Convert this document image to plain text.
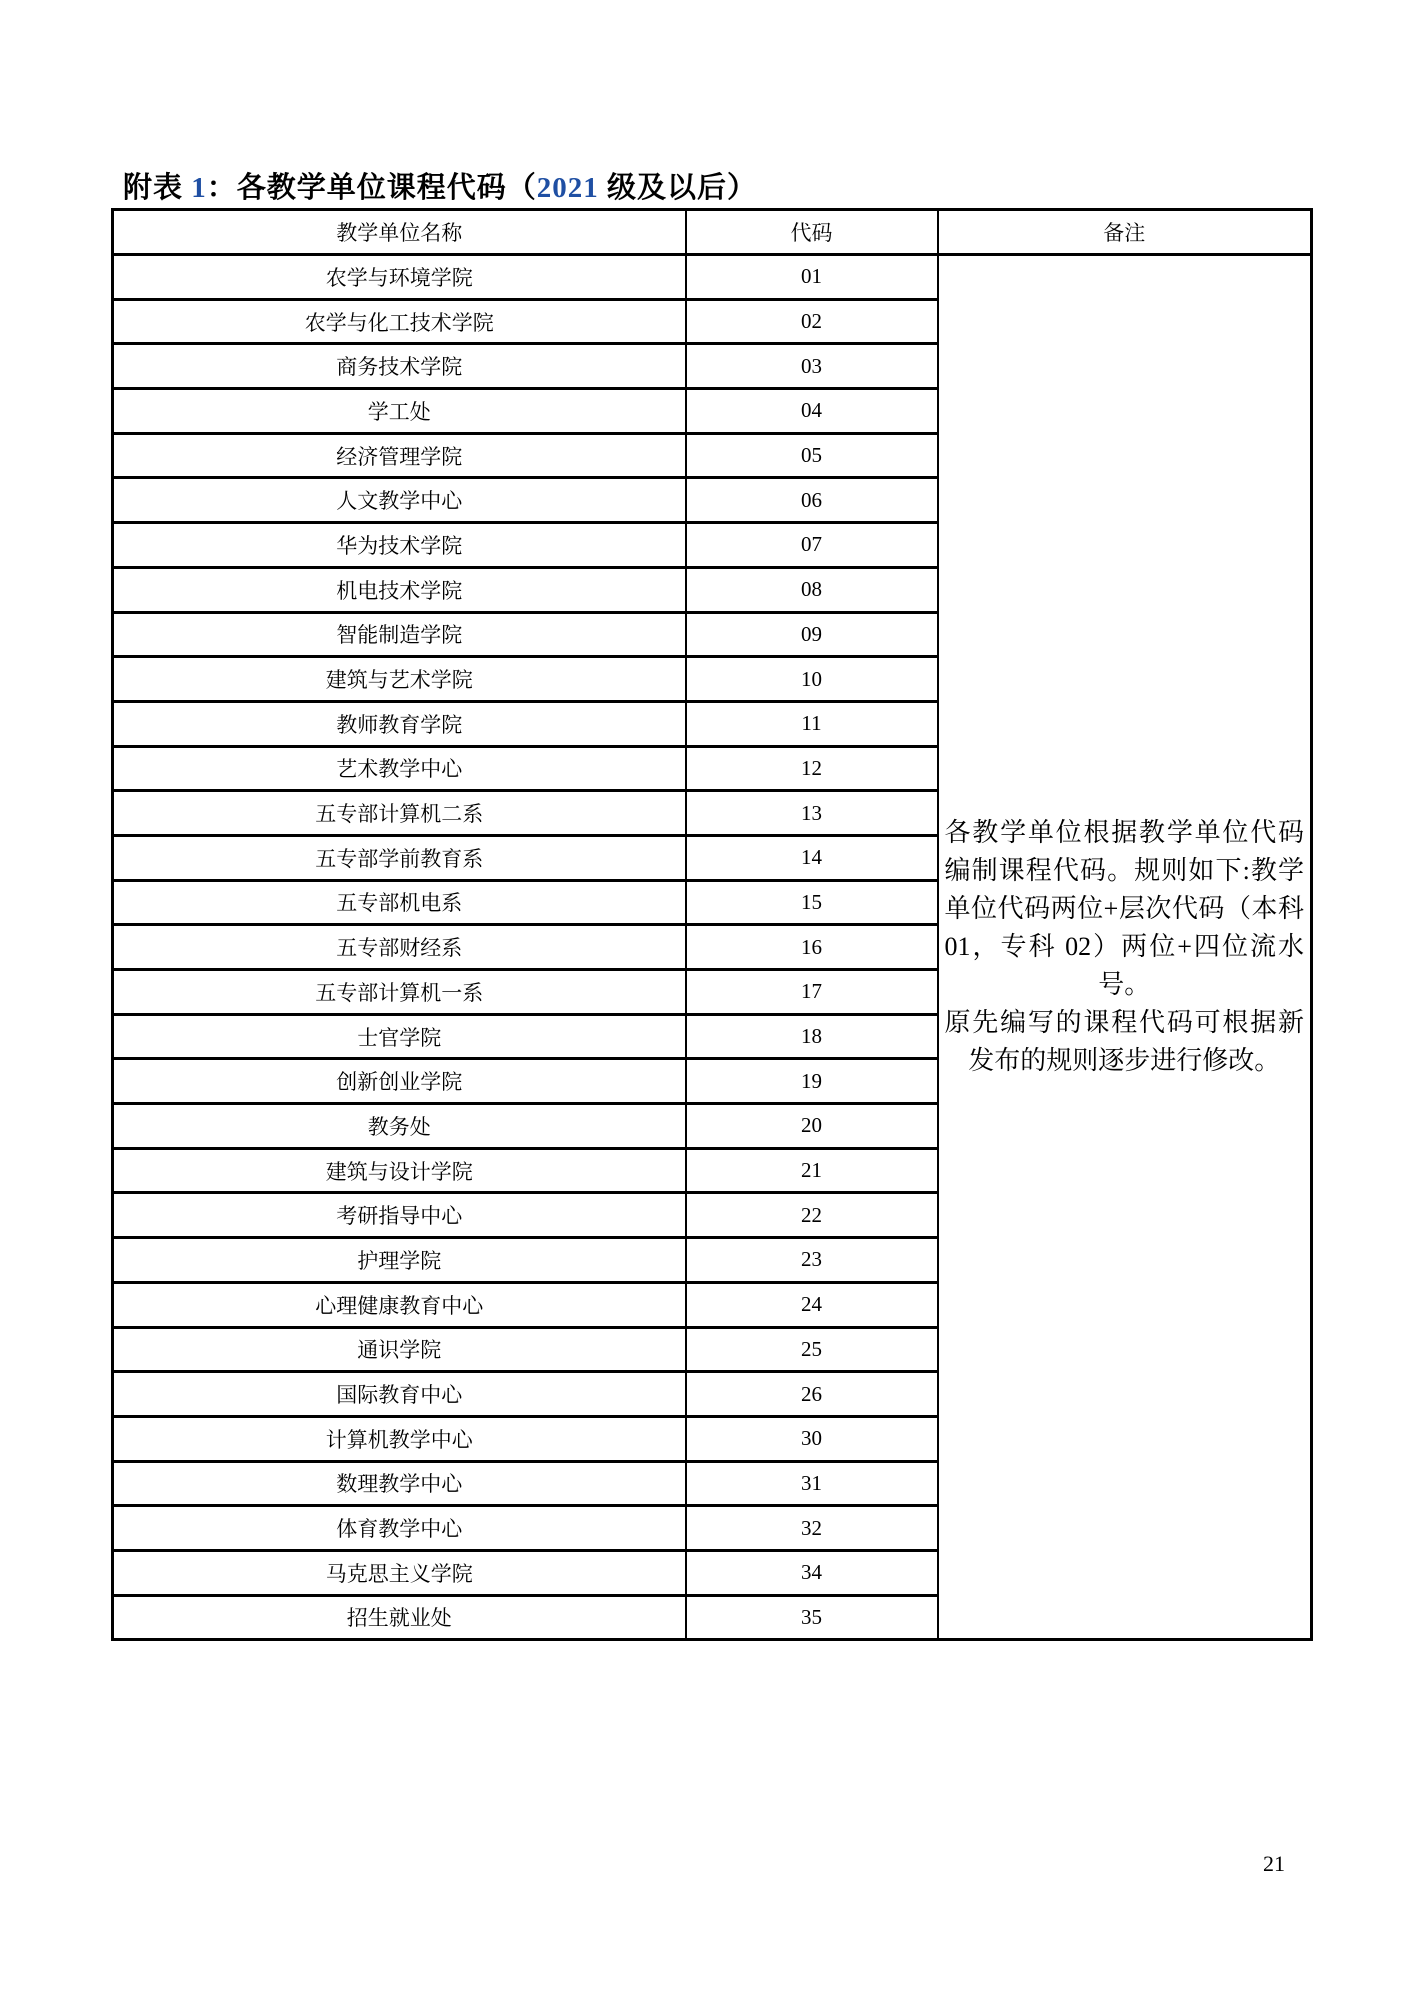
附表 1：各教学单位课程代码（2021 级及以后）
教学单位名称	代码	备注
农学与环境学院	01	
各教学单位根据教学单位代码
编制课程代码。规则如下:教学
单位代码两位+层次代码（本科
01，专科 02）两位+四位流水
号。
原先编写的课程代码可根据新
发布的规则逐步进行修改。

农学与化工技术学院	02	
商务技术学院	03	
学工处	04	
经济管理学院	05	
人文教学中心	06	
华为技术学院	07	
机电技术学院	08	
智能制造学院	09	
建筑与艺术学院	10	
教师教育学院	11	
艺术教学中心	12	
五专部计算机二系	13	
五专部学前教育系	14	
五专部机电系	15	
五专部财经系	16	
五专部计算机一系	17	
士官学院	18	
创新创业学院	19	
教务处	20	
建筑与设计学院	21	
考研指导中心	22	
护理学院	23	
心理健康教育中心	24	
通识学院	25	
国际教育中心	26	
计算机教学中心	30	
数理教学中心	31	
体育教学中心	32	
马克思主义学院	34	
招生就业处	35	
21
